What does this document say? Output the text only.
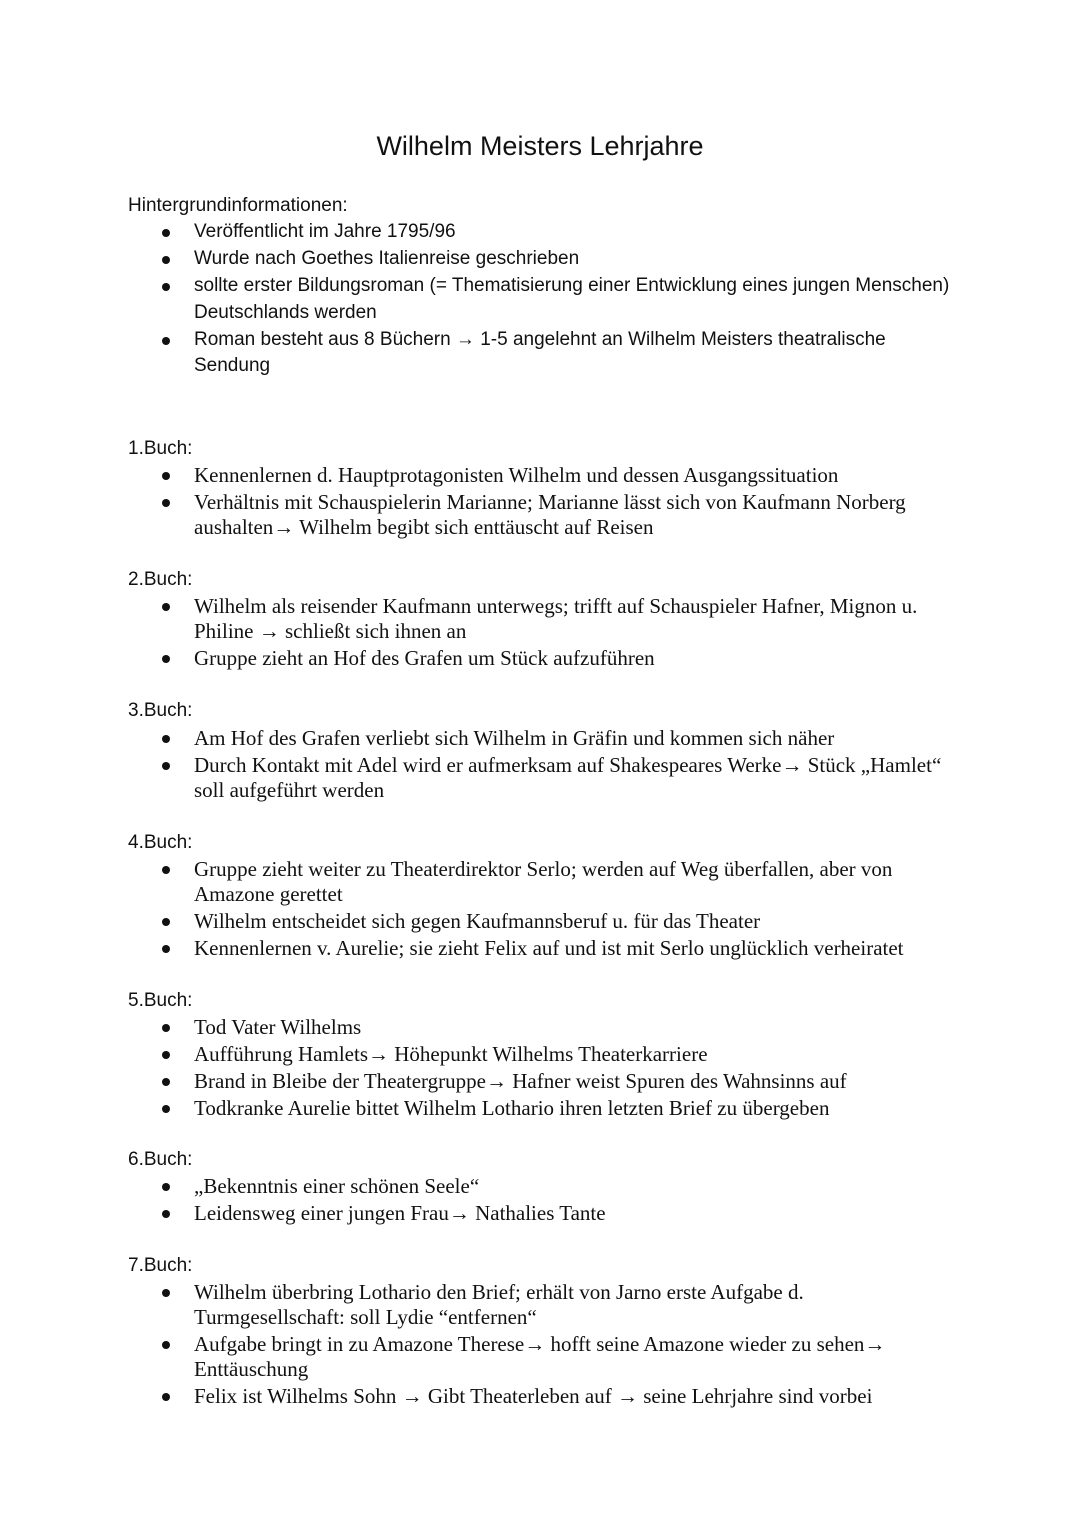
Wilhelm Meisters Lehrjahre
Hintergrundinformationen:
Veröffentlicht im Jahre 1795/96
Wurde nach Goethes Italienreise geschrieben
sollte erster Bildungsroman (= Thematisierung einer Entwicklung eines jungen Menschen) Deutschlands werden
Roman besteht aus 8 Büchern → 1-5 angelehnt an Wilhelm Meisters theatralische Sendung
1.Buch:
Kennenlernen d. Hauptprotagonisten Wilhelm und dessen Ausgangssituation
Verhältnis mit Schauspielerin Marianne; Marianne lässt sich von Kaufmann Norberg aushalten→ Wilhelm begibt sich enttäuscht auf Reisen
2.Buch:
Wilhelm als reisender Kaufmann unterwegs; trifft auf Schauspieler Hafner, Mignon u. Philine → schließt sich ihnen an
Gruppe zieht an Hof des Grafen um Stück aufzuführen
3.Buch:
Am Hof des Grafen verliebt sich Wilhelm in Gräfin und kommen sich näher
Durch Kontakt mit Adel wird er aufmerksam auf Shakespeares Werke→ Stück „Hamlet“ soll aufgeführt werden
4.Buch:
Gruppe zieht weiter zu Theaterdirektor Serlo; werden auf Weg überfallen, aber von Amazone gerettet
Wilhelm entscheidet sich gegen Kaufmannsberuf u. für das Theater
Kennenlernen v. Aurelie; sie zieht Felix auf und ist mit Serlo unglücklich verheiratet
5.Buch:
Tod Vater Wilhelms
Aufführung Hamlets→ Höhepunkt Wilhelms Theaterkarriere
Brand in Bleibe der Theatergruppe→ Hafner weist Spuren des Wahnsinns auf
Todkranke Aurelie bittet Wilhelm Lothario ihren letzten Brief zu übergeben
6.Buch:
„Bekenntnis einer schönen Seele“
Leidensweg einer jungen Frau→ Nathalies Tante
7.Buch:
Wilhelm überbring Lothario den Brief; erhält von Jarno erste Aufgabe d. Turmgesellschaft: soll Lydie “entfernen“
Aufgabe bringt in zu Amazone Therese→ hofft seine Amazone wieder zu sehen→ Enttäuschung
Felix ist Wilhelms Sohn → Gibt Theaterleben auf → seine Lehrjahre sind vorbei
